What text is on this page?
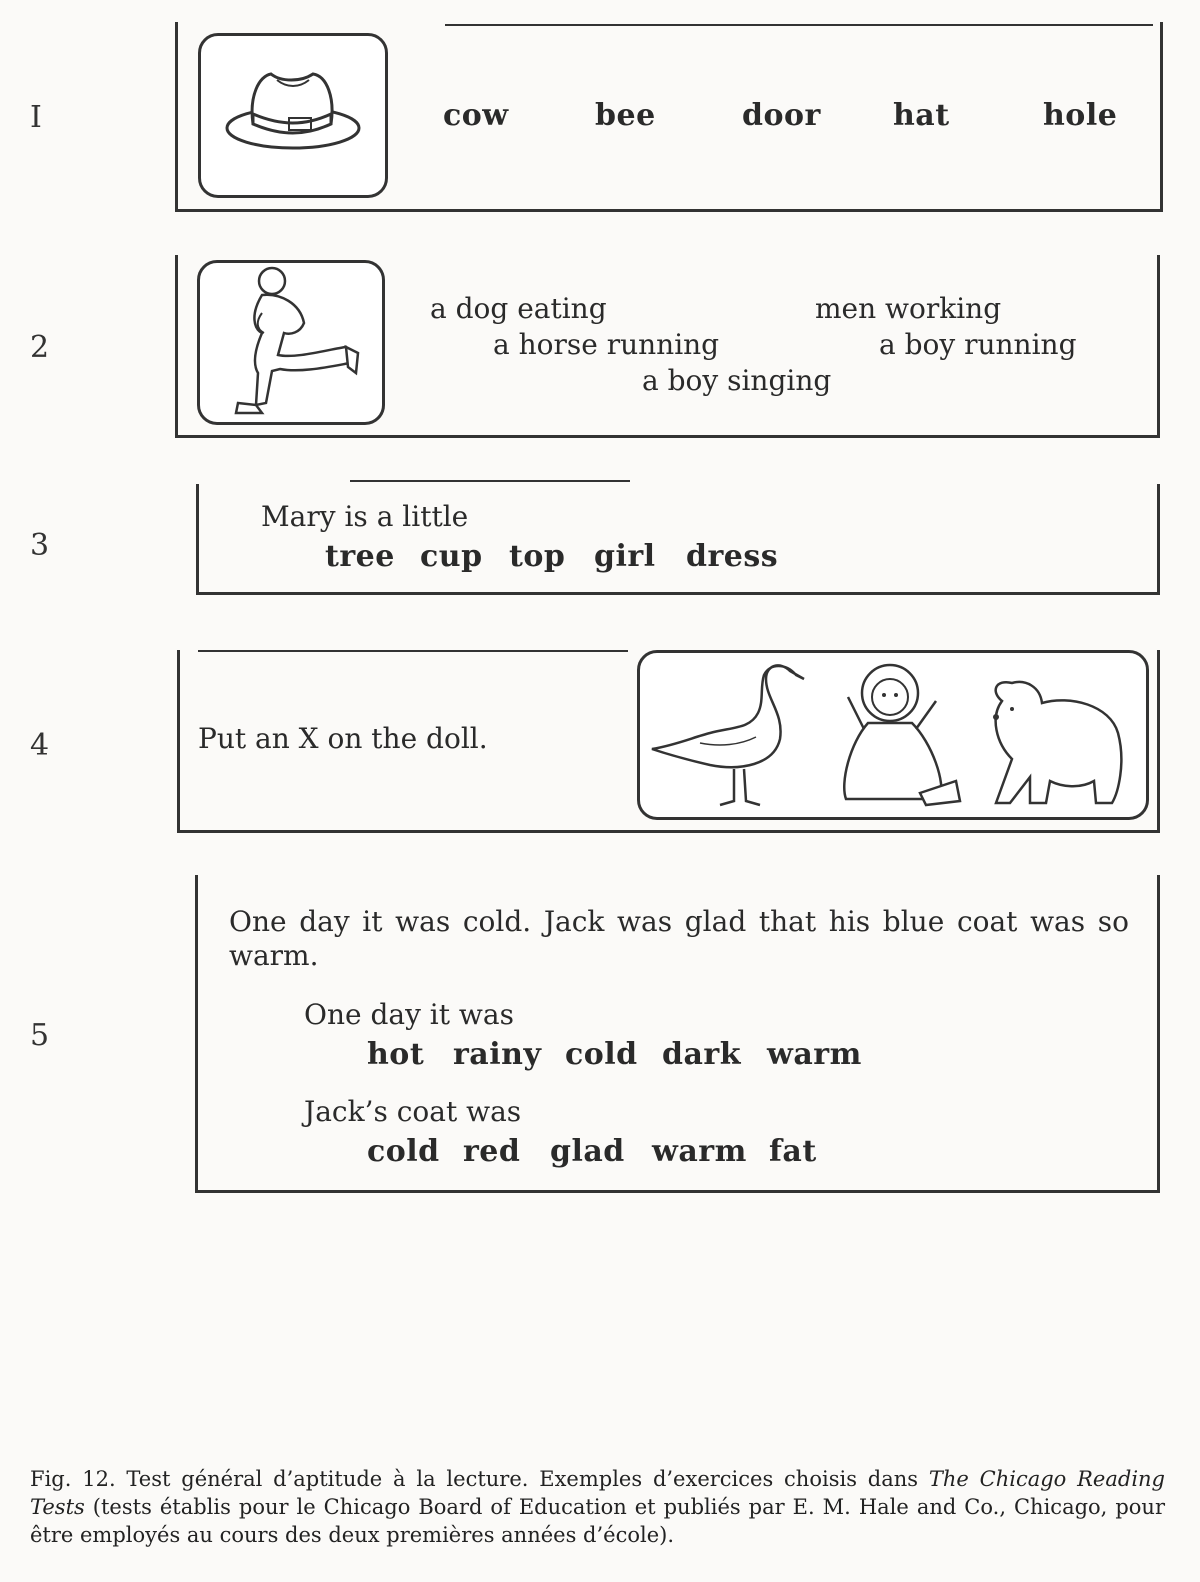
I	cow	bee	door hat	hole
2
a dog eating	men working
a horse running	a boy running
a boy singing
3
Mary is a little
tree cup top girl dress
4	Put an X on the doll.
5
One day it was cold. Jack was glad that his blue coat was so warm.
One day it was
hot rainy cold dark warm
Jack’s coat was
cold red glad warm fat
Fig. 12. Test général d’aptitude à la lecture. Exemples d’exercices choisis dans The Chicago Reading Tests (tests établis pour le Chicago Board of Education et publiés par E. M. Hale and Co., Chicago, pour être employés au cours des deux premières années d’école).
